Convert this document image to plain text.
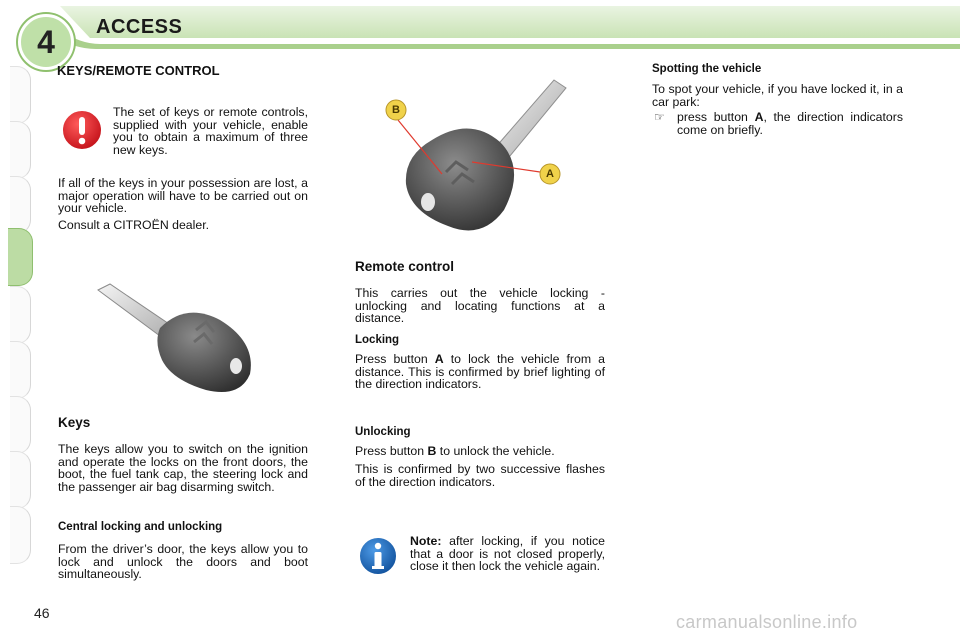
4	ACCESS
KEYS/REMOTE CONTROL
The set of keys or remote controls, supplied with your vehicle, enable you to obtain a maximum of three new keys.
If all of the keys in your possession are lost, a major operation will have to be carried out on your vehicle.
Consult a CITROËN dealer.
Keys
The keys allow you to switch on the ignition and operate the locks on the front doors, the boot, the fuel tank cap, the steering lock and the passenger air bag disarming switch.
Central locking and unlocking
From the driver’s door, the keys allow you to lock and unlock the doors and boot simultaneously.
B
A
Remote control
This carries out the vehicle locking - unlocking and locating functions at a distance.
Locking
Press button A to lock the vehicle from a distance. This is confirmed by brief lighting of the direction indicators.
Unlocking
Press button B to unlock the vehicle.
This is confirmed by two successive flashes of the direction indicators.
Note: after locking, if you notice that a door is not closed properly, close it then lock the vehicle again.
Spotting the vehicle
To spot your vehicle, if you have locked it, in a car park:
☞ press button A, the direction indicators come on briefly.
46	carmanualsonline.info
